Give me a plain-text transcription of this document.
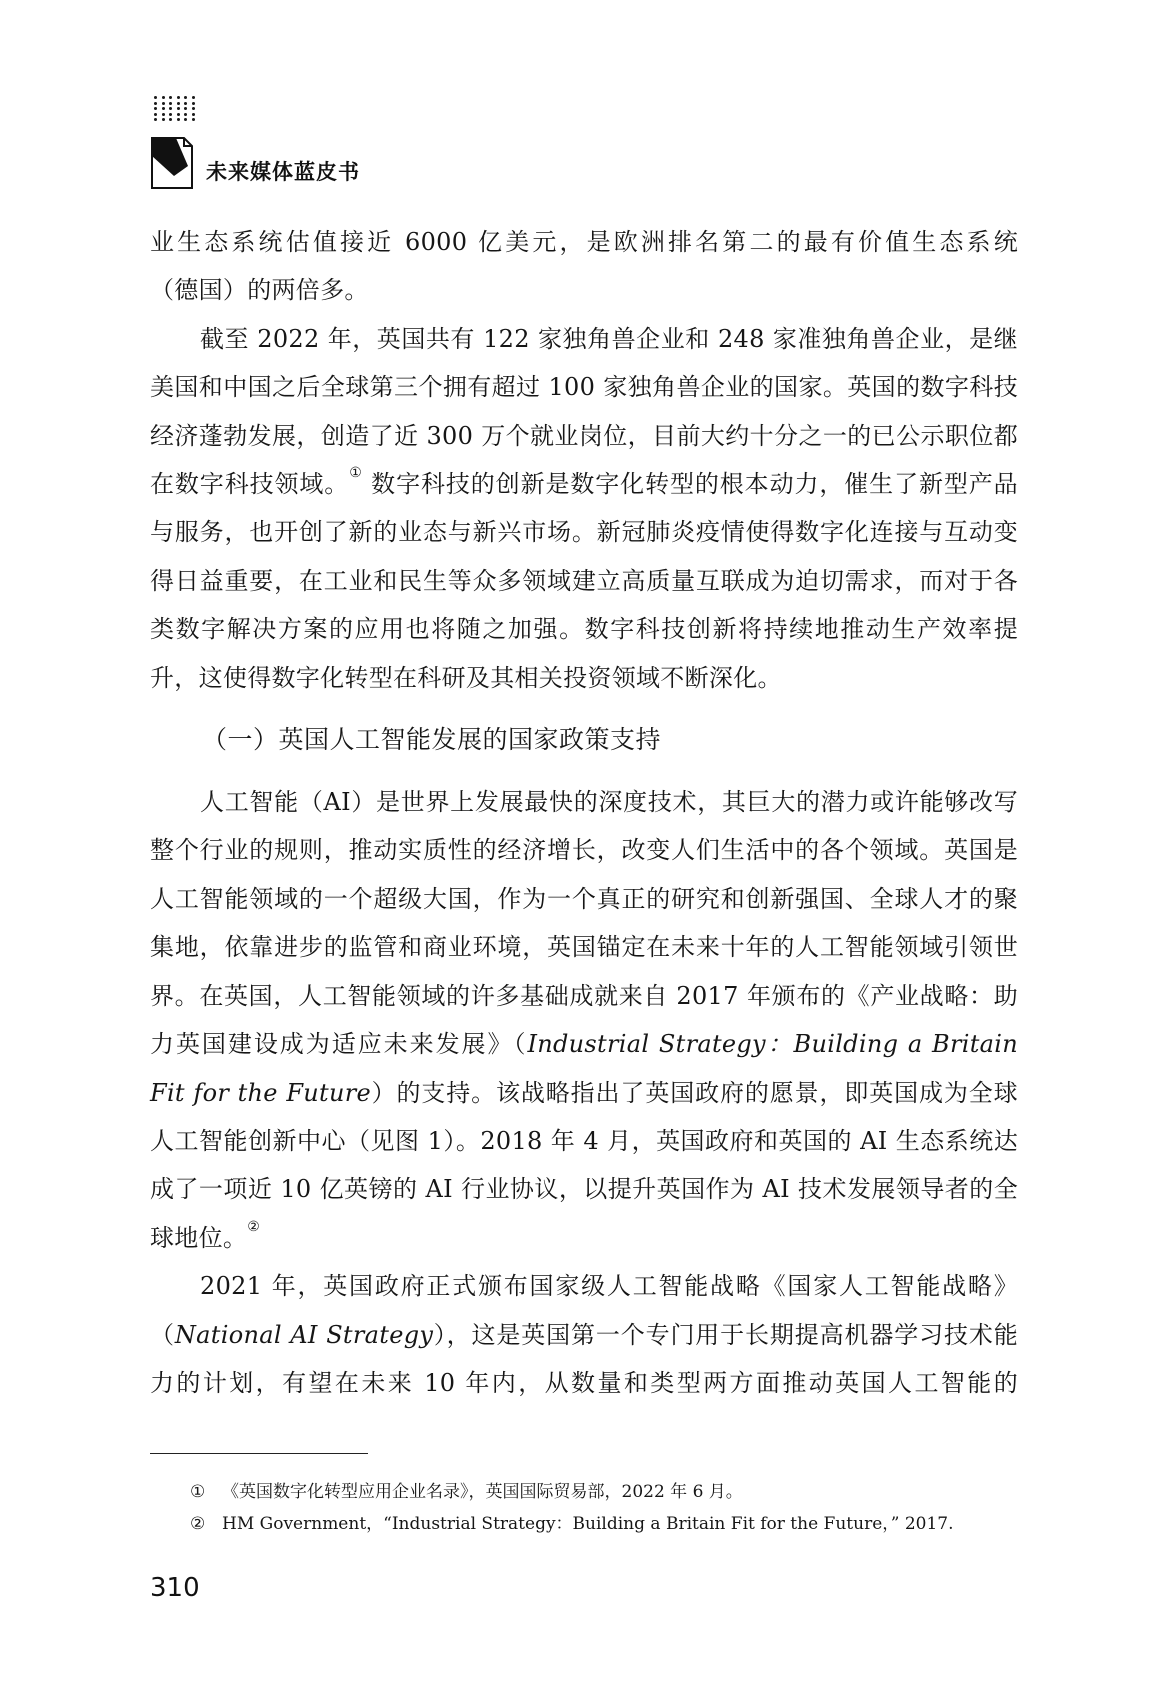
未来媒体蓝皮书

业生态系统估值接近 6000 亿美元，是欧洲排名第二的最有价值生态系统

（德国）的两倍多。

截至 2022 年，英国共有 122 家独角兽企业和 248 家准独角兽企业，是继美国和中国之后全球第三个拥有超过 100 家独角兽企业的国家。英国的数字科技经济蓬勃发展，创造了近 300 万个就业岗位，目前大约十分之一的已公示职位都在数字科技领域。① 数字科技的创新是数字化转型的根本动力，催生了新型产品与服务，也开创了新的业态与新兴市场。新冠肺炎疫情使得数字化连接与互动变得日益重要，在工业和民生等众多领域建立高质量互联成为迫切需求，而对于各类数字解决方案的应用也将随之加强。数字科技创新将持续地推动生产效率提升，这使得数字化转型在科研及其相关投资领域不断深化。

（一）英国人工智能发展的国家政策支持

人工智能（AI）是世界上发展最快的深度技术，其巨大的潜力或许能够改写整个行业的规则，推动实质性的经济增长，改变人们生活中的各个领域。英国是人工智能领域的一个超级大国，作为一个真正的研究和创新强国、全球人才的聚集地，依靠进步的监管和商业环境，英国锚定在未来十年的人工智能领域引领世界。在英国，人工智能领域的许多基础成就来自 2017 年颁布的《产业战略：助力英国建设成为适应未来发展》（Industrial Strategy：Building a Britain Fit for the Future）的支持。该战略指出了英国政府的愿景，即英国成为全球人工智能创新中心（见图 1）。2018 年 4 月，英国政府和英国的 AI 生态系统达成了一项近 10 亿英镑的 AI 行业协议，以提升英国作为 AI 技术发展领导者的全球地位。②

2021 年，英国政府正式颁布国家级人工智能战略《国家人工智能战略》（National AI Strategy），这是英国第一个专门用于长期提高机器学习技术能力的计划，有望在未来 10 年内，从数量和类型两方面推动英国人工智能的

① 《英国数字化转型应用企业名录》，英国国际贸易部，2022 年 6 月。
② HM Government，“Industrial Strategy：Building a Britain Fit for the Future，” 2017.
310
